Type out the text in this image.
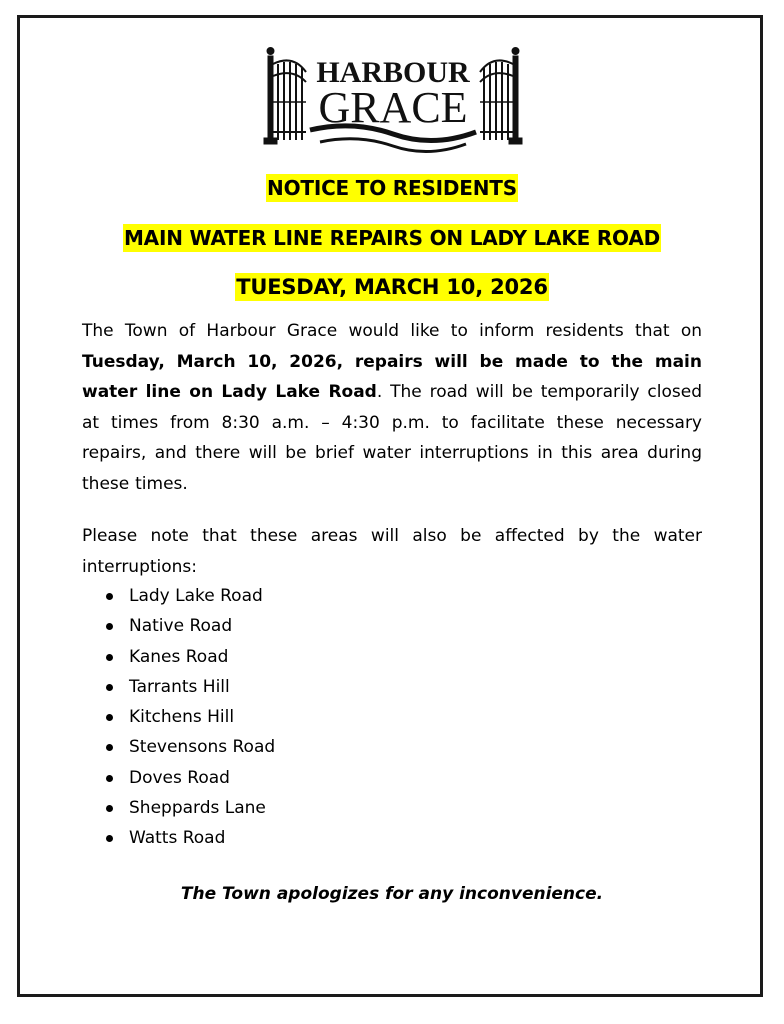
HARBOUR
GRACE
NOTICE TO RESIDENTS
MAIN WATER LINE REPAIRS ON LADY LAKE ROAD
TUESDAY, MARCH 10, 2026
The Town of Harbour Grace would like to inform residents that on Tuesday, March 10, 2026, repairs will be made to the main water line on Lady Lake Road. The road will be temporarily closed at times from 8:30 a.m. – 4:30 p.m. to facilitate these necessary repairs, and there will be brief water interruptions in this area during these times.
Please note that these areas will also be affected by the water interruptions:
Lady Lake Road
Native Road
Kanes Road
Tarrants Hill
Kitchens Hill
Stevensons Road
Doves Road
Sheppards Lane
Watts Road
The Town apologizes for any inconvenience.
